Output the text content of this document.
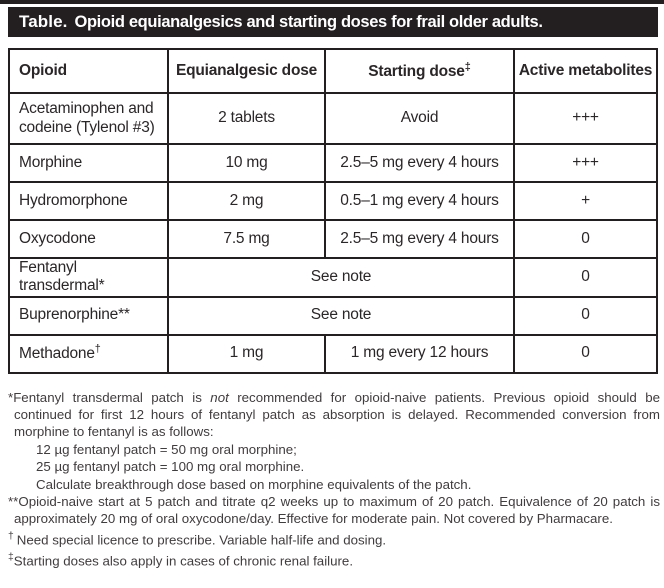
Table. Opioid equianalgesics and starting doses for frail older adults.
Opioid	Equianalgesic dose	Starting dose‡	Active metabolites
Acetaminophen and codeine (Tylenol #3)	2 tablets	Avoid	+++
Morphine	10 mg	2.5–5 mg every 4 hours	+++
Hydromorphone	2 mg	0.5–1 mg every 4 hours	+
Oxycodone	7.5 mg	2.5–5 mg every 4 hours	0
Fentanyl transdermal*	See note		0
Buprenorphine**	See note		0
Methadone†	1 mg	1 mg every 12 hours	0

*Fentanyl transdermal patch is not recommended for opioid-naive patients. Previous opioid should be continued for first 12 hours of fentanyl patch as absorption is delayed. Recommended conversion from morphine to fentanyl is as follows:

12 µg fentanyl patch = 50 mg oral morphine;

25 µg fentanyl patch = 100 mg oral morphine.

Calculate breakthrough dose based on morphine equivalents of the patch.

**Opioid-naive start at 5 patch and titrate q2 weeks up to maximum of 20 patch. Equivalence of 20 patch is approximately 20 mg of oral oxycodone/day. Effective for moderate pain. Not covered by Pharmacare.

† Need special licence to prescribe. Variable half-life and dosing.

‡Starting doses also apply in cases of chronic renal failure.
